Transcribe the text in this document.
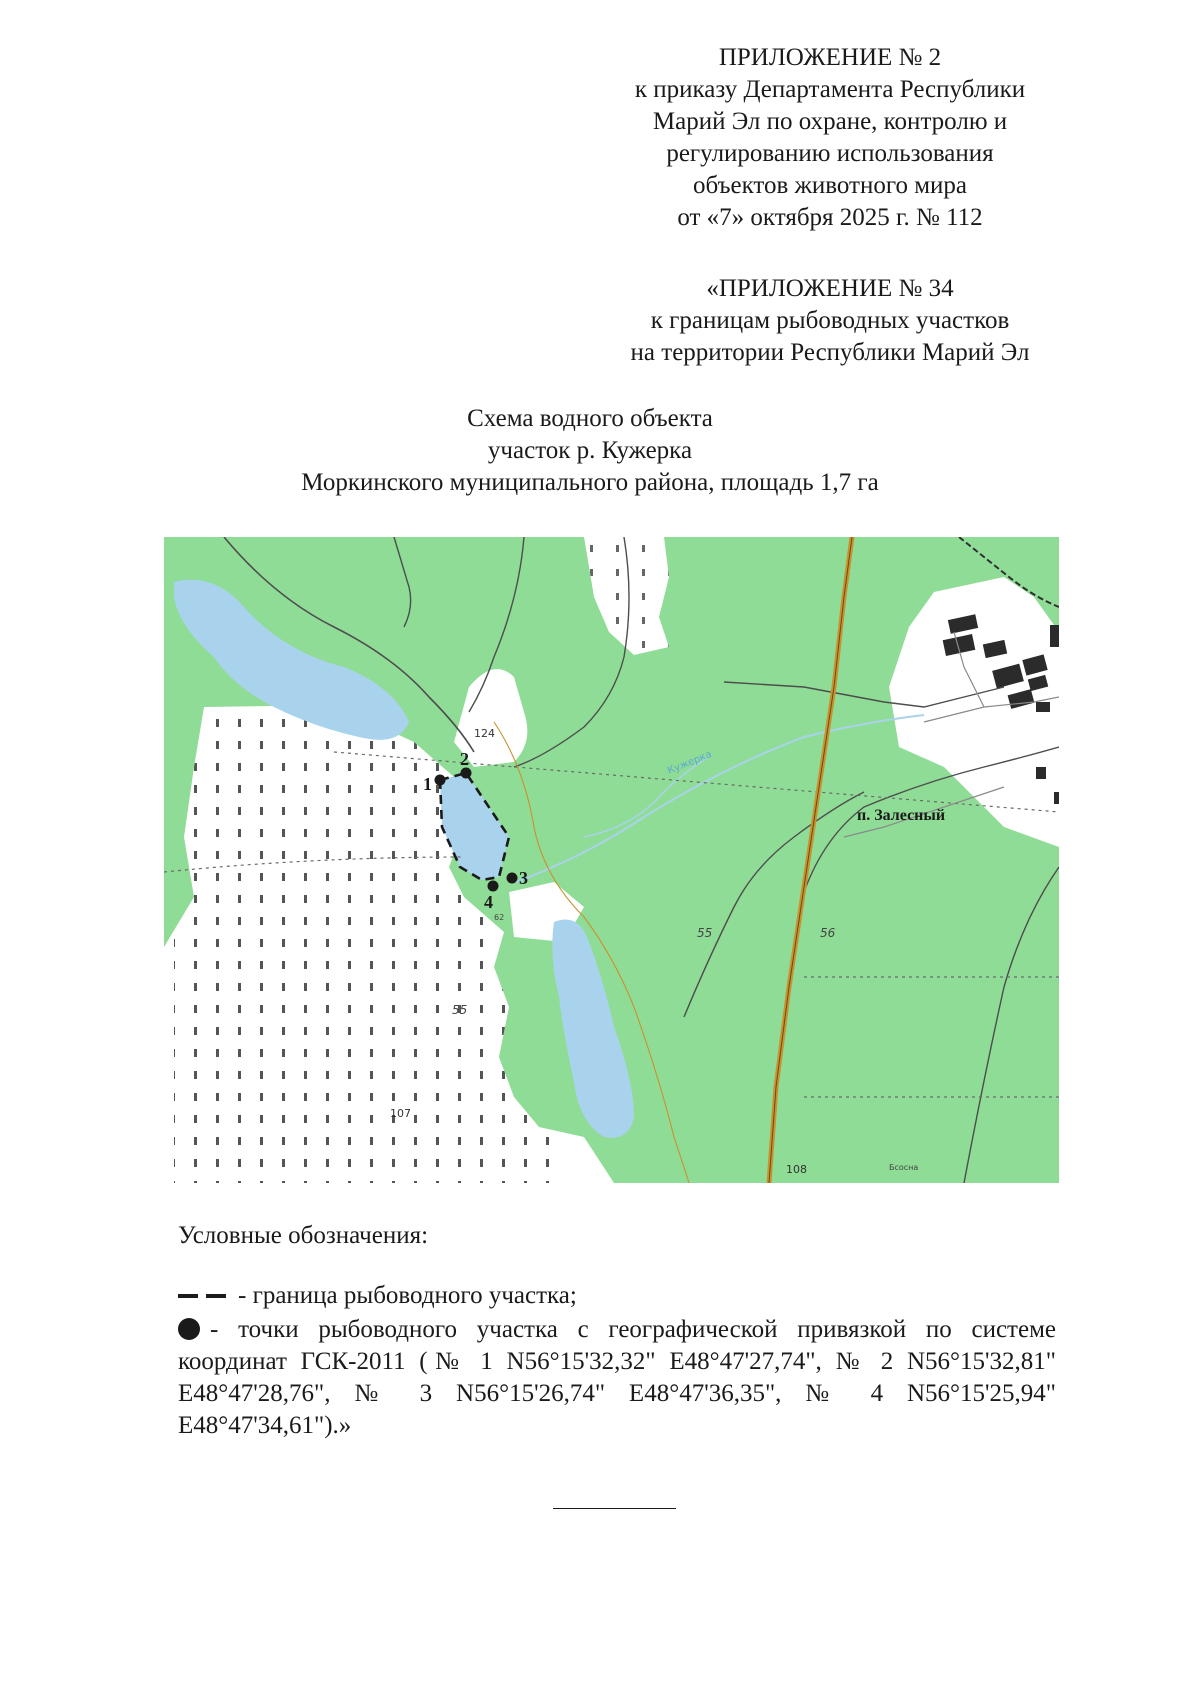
ПРИЛОЖЕНИЕ № 2
к приказу Департамента Республики
Марий Эл по охране, контролю и
регулированию использования
объектов животного мира
от «7» октября 2025 г. № 112
«ПРИЛОЖЕНИЕ № 34
к границам рыбоводных участков
на территории Республики Марий Эл
Схема водного объекта
участок р. Кужерка
Моркинского муниципального района, площадь 1,7 га
124
Кужерка
п. Залесный
55	56
55
107
108	Бсосна
62
1
2
3
4
Условные обозначения:
- граница рыбоводного участка;
- точки рыбоводного участка с географической привязкой по системе координат ГСК-2011 (№ 1 N56°15'32,32" E48°47'27,74", № 2 N56°15'32,81" E48°47'28,76", № 3 N56°15'26,74" E48°47'36,35", № 4 N56°15'25,94" E48°47'34,61").»
